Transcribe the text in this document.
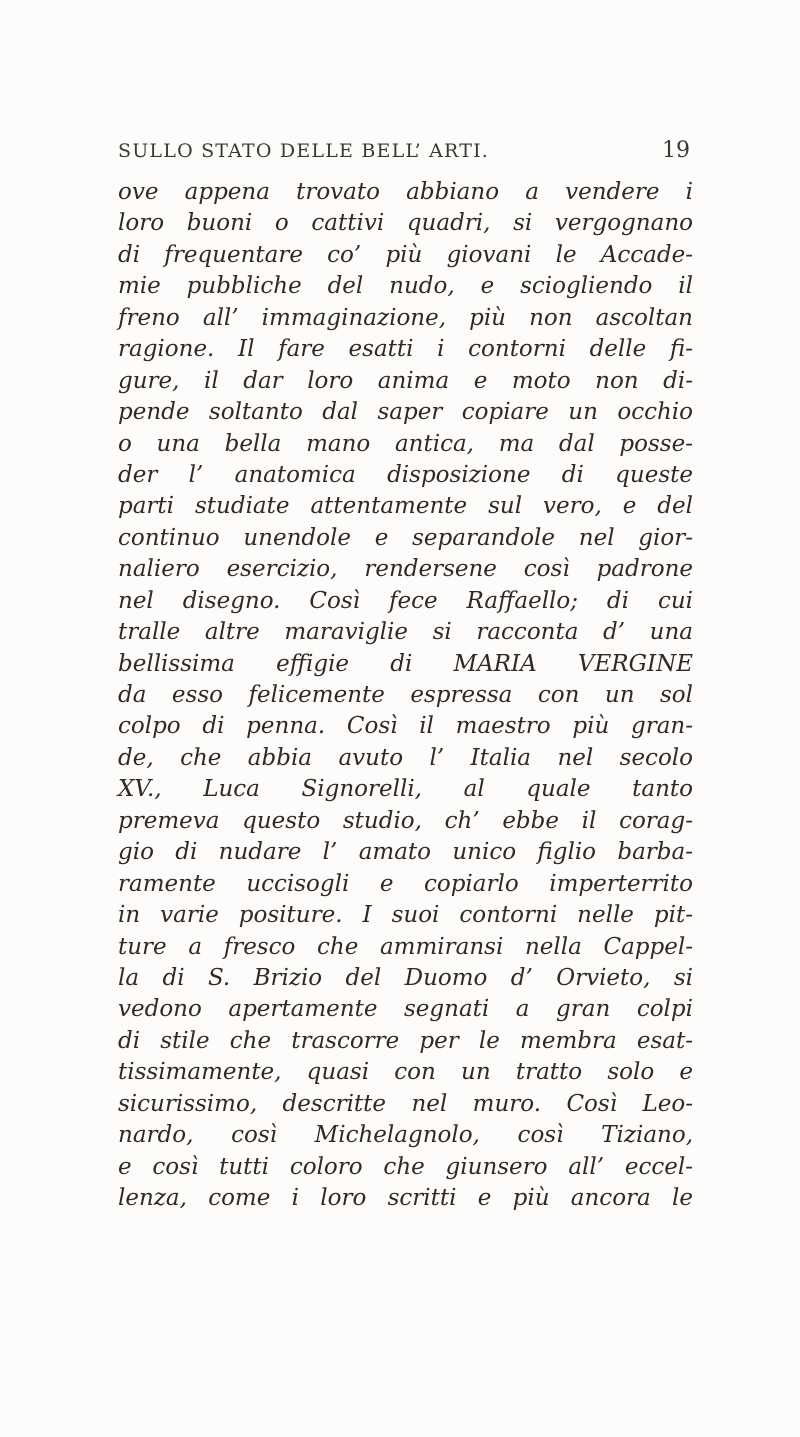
SULLO STATO DELLE BELL’ ARTI.	19
ove appena trovato abbiano a vendere i
loro buoni o cattivi quadri, si vergognano
di frequentare co’ più giovani le Accade-
mie pubbliche del nudo, e sciogliendo il
freno all’ immaginazione, più non ascoltan
ragione. Il fare esatti i contorni delle fi-
gure, il dar loro anima e moto non di-
pende soltanto dal saper copiare un occhio
o una bella mano antica, ma dal posse-
der l’ anatomica disposizione di queste
parti studiate attentamente sul vero, e del
continuo unendole e separandole nel gior-
naliero esercizio, rendersene così padrone
nel disegno. Così fece Raffaello; di cui
tralle altre maraviglie si racconta d’ una
bellissima effigie di MARIA VERGINE
da esso felicemente espressa con un sol
colpo di penna. Così il maestro più gran-
de, che abbia avuto l’ Italia nel secolo
XV., Luca Signorelli, al quale tanto
premeva questo studio, ch’ ebbe il corag-
gio di nudare l’ amato unico figlio barba-
ramente uccisogli e copiarlo imperterrito
in varie positure. I suoi contorni nelle pit-
ture a fresco che ammiransi nella Cappel-
la di S. Brizio del Duomo d’ Orvieto, si
vedono apertamente segnati a gran colpi
di stile che trascorre per le membra esat-
tissimamente, quasi con un tratto solo e
sicurissimo, descritte nel muro. Così Leo-
nardo, così Michelagnolo, così Tiziano,
e così tutti coloro che giunsero all’ eccel-
lenza, come i loro scritti e più ancora le
